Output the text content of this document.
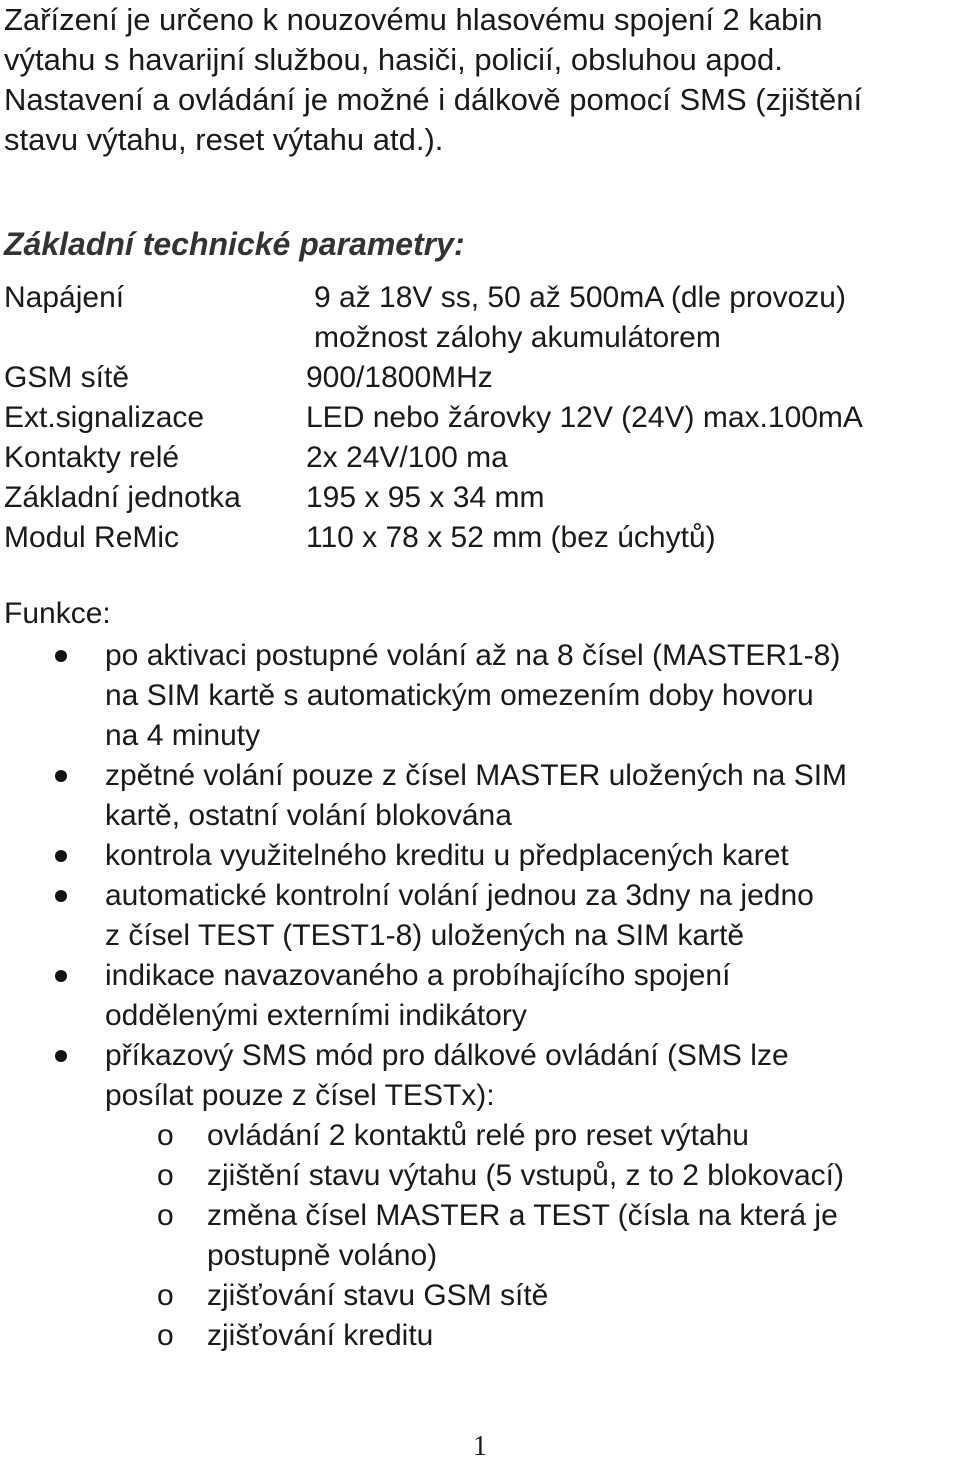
Zařízení je určeno k nouzovému hlasovému spojení 2 kabin
výtahu s havarijní službou, hasiči, policií, obsluhou apod.
Nastavení a ovládání je možné i dálkově pomocí SMS (zjištění
stavu výtahu, reset výtahu atd.).
Základní technické parametry:
Napájení	9 až 18V ss, 50 až 500mA (dle provozu)
možnost zálohy akumulátorem
GSM sítě	900/1800MHz
Ext.signalizace	LED nebo žárovky 12V (24V) max.100mA
Kontakty relé	2x 24V/100 ma
Základní jednotka	195 x 95 x 34 mm
Modul ReMic	110 x 78 x 52 mm (bez úchytů)
Funkce:
po aktivaci postupné volání až na 8 čísel (MASTER1-8)
na SIM kartě s automatickým omezením doby hovoru
na 4 minuty
zpětné volání pouze z čísel MASTER uložených na SIM
kartě, ostatní volání blokována
kontrola využitelného kreditu u předplacených karet
automatické kontrolní volání jednou za 3dny na jedno
z čísel TEST (TEST1-8) uložených na SIM kartě
indikace navazovaného a probíhajícího spojení
oddělenými externími indikátory
příkazový SMS mód pro dálkové ovládání (SMS lze
posílat pouze z čísel TESTx):
o ovládání 2 kontaktů relé pro reset výtahu
o zjištění stavu výtahu (5 vstupů, z to 2 blokovací)
o změna čísel MASTER a TEST (čísla na která je
postupně voláno)
o zjišťování stavu GSM sítě
o zjišťování kreditu
1
